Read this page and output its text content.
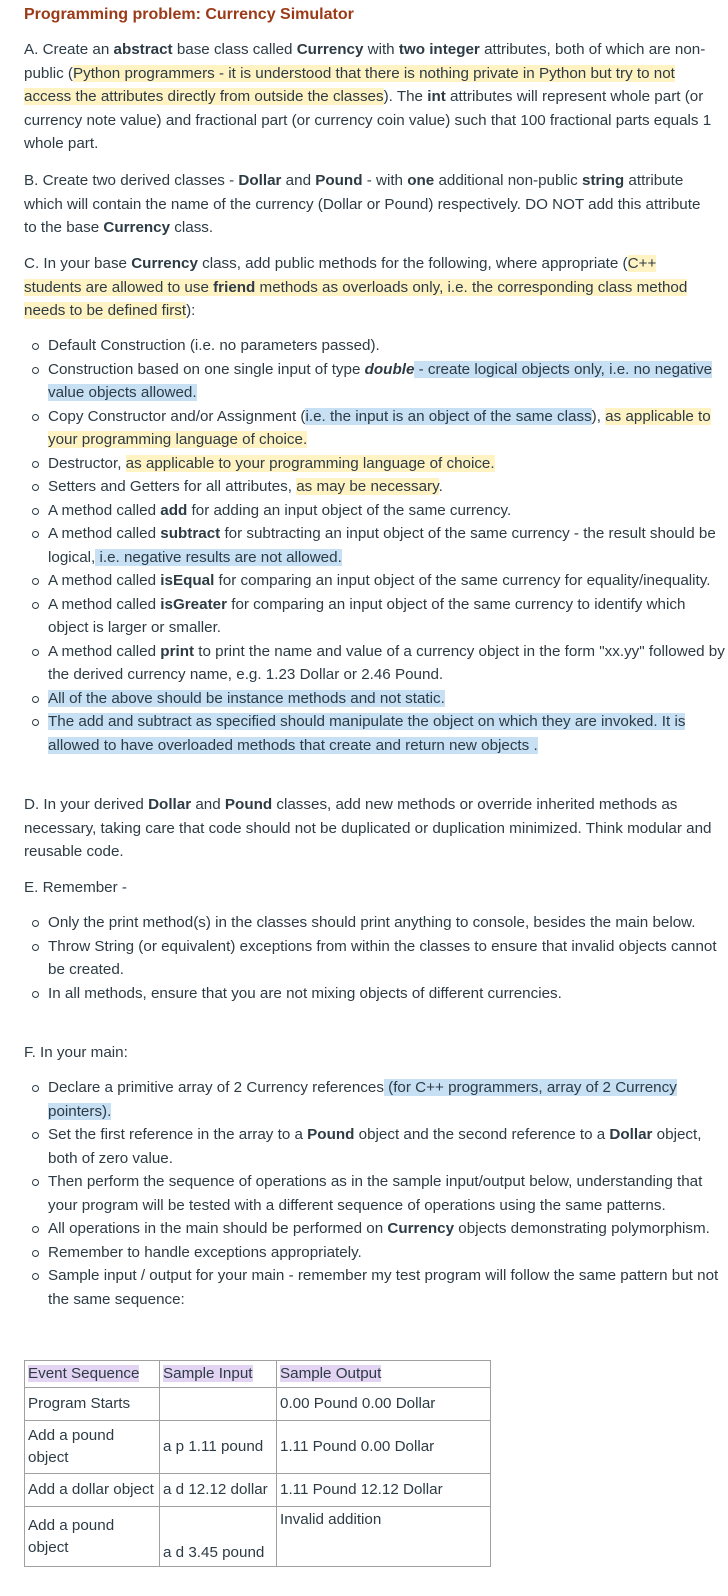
Programming problem: Currency Simulator

A. Create an abstract base class called Currency with two integer attributes, both of which are non-public (Python programmers - it is understood that there is nothing private in Python but try to not access the attributes directly from outside the classes). The int attributes will represent whole part (or currency note value) and fractional part (or currency coin value) such that 100 fractional parts equals 1 whole part.

B. Create two derived classes - Dollar and Pound - with one additional non-public string attribute which will contain the name of the currency (Dollar or Pound) respectively. DO NOT add this attribute to the base Currency class.

C. In your base Currency class, add public methods for the following, where appropriate (C++ students are allowed to use friend methods as overloads only, i.e. the corresponding class method needs to be defined first):

Default Construction (i.e. no parameters passed).
Construction based on one single input of type double - create logical objects only, i.e. no negative value objects allowed.
Copy Constructor and/or Assignment (i.e. the input is an object of the same class), as applicable to your programming language of choice.
Destructor, as applicable to your programming language of choice.
Setters and Getters for all attributes, as may be necessary.
A method called add for adding an input object of the same currency.
A method called subtract for subtracting an input object of the same currency - the result should be logical, i.e. negative results are not allowed.
A method called isEqual for comparing an input object of the same currency for equality/inequality.
A method called isGreater for comparing an input object of the same currency to identify which object is larger or smaller.
A method called print to print the name and value of a currency object in the form "xx.yy" followed by the derived currency name, e.g. 1.23 Dollar or 2.46 Pound.
All of the above should be instance methods and not static.
The add and subtract as specified should manipulate the object on which they are invoked. It is allowed to have overloaded methods that create and return new objects .

D. In your derived Dollar and Pound classes, add new methods or override inherited methods as necessary, taking care that code should not be duplicated or duplication minimized. Think modular and reusable code.

E. Remember -

Only the print method(s) in the classes should print anything to console, besides the main below.
Throw String (or equivalent) exceptions from within the classes to ensure that invalid objects cannot be created.
In all methods, ensure that you are not mixing objects of different currencies.

F. In your main:

Declare a primitive array of 2 Currency references (for C++ programmers, array of 2 Currency pointers).
Set the first reference in the array to a Pound object and the second reference to a Dollar object, both of zero value.
Then perform the sequence of operations as in the sample input/output below, understanding that your program will be tested with a different sequence of operations using the same patterns.
All operations in the main should be performed on Currency objects demonstrating polymorphism.
Remember to handle exceptions appropriately.
Sample input / output for your main - remember my test program will follow the same pattern but not the same sequence:
Event Sequence	Sample Input	Sample Output
Program Starts		0.00 Pound 0.00 Dollar
Add a pound object	a p 1.11 pound	1.11 Pound 0.00 Dollar
Add a dollar object	a d 12.12 dollar	1.11 Pound 12.12 Dollar
Add a pound object	a d 3.45 pound	Invalid addition
